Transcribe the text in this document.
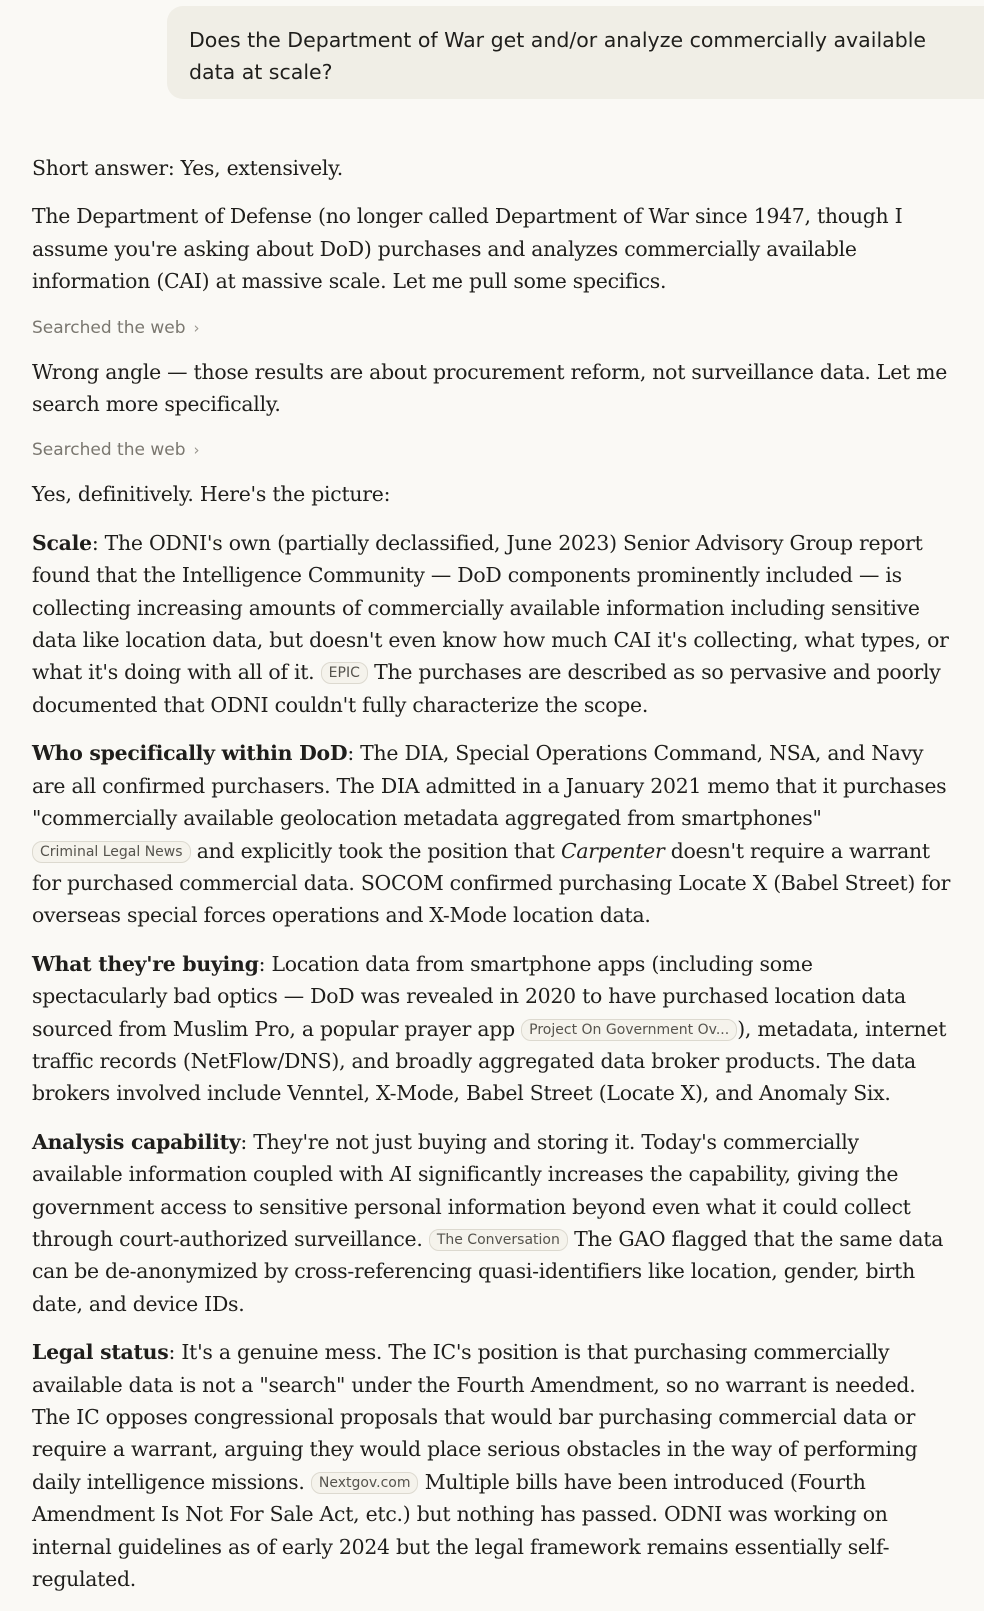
Does the Department of War get and/or analyze commercially available data at scale?

Short answer: Yes, extensively.

The Department of Defense (no longer called Department of War since 1947, though I assume you're asking about DoD) purchases and analyzes commercially available information (CAI) at massive scale. Let me pull some specifics.

Searched the web ›

Wrong angle — those results are about procurement reform, not surveillance data. Let me search more specifically.

Searched the web ›

Yes, definitively. Here's the picture:

Scale: The ODNI's own (partially declassified, June 2023) Senior Advisory Group report found that the Intelligence Community — DoD components prominently included — is collecting increasing amounts of commercially available information including sensitive data like location data, but doesn't even know how much CAI it's collecting, what types, or what it's doing with all of it. EPIC The purchases are described as so pervasive and poorly documented that ODNI couldn't fully characterize the scope.

Who specifically within DoD: The DIA, Special Operations Command, NSA, and Navy are all confirmed purchasers. The DIA admitted in a January 2021 memo that it purchases "commercially available geolocation metadata aggregated from smartphones" Criminal Legal News and explicitly took the position that Carpenter doesn't require a warrant for purchased commercial data. SOCOM confirmed purchasing Locate X (Babel Street) for overseas special forces operations and X-Mode location data.

What they're buying: Location data from smartphone apps (including some spectacularly bad optics — DoD was revealed in 2020 to have purchased location data sourced from Muslim Pro, a popular prayer app Project On Government Ov... ), metadata, internet traffic records (NetFlow/DNS), and broadly aggregated data broker products. The data brokers involved include Venntel, X-Mode, Babel Street (Locate X), and Anomaly Six.

Analysis capability: They're not just buying and storing it. Today's commercially available information coupled with AI significantly increases the capability, giving the government access to sensitive personal information beyond even what it could collect through court-authorized surveillance. The Conversation The GAO flagged that the same data can be de-anonymized by cross-referencing quasi-identifiers like location, gender, birth date, and device IDs.

Legal status: It's a genuine mess. The IC's position is that purchasing commercially available data is not a "search" under the Fourth Amendment, so no warrant is needed. The IC opposes congressional proposals that would bar purchasing commercial data or require a warrant, arguing they would place serious obstacles in the way of performing daily intelligence missions. Nextgov.com Multiple bills have been introduced (Fourth Amendment Is Not For Sale Act, etc.) but nothing has passed. ODNI was working on internal guidelines as of early 2024 but the legal framework remains essentially self-regulated.
